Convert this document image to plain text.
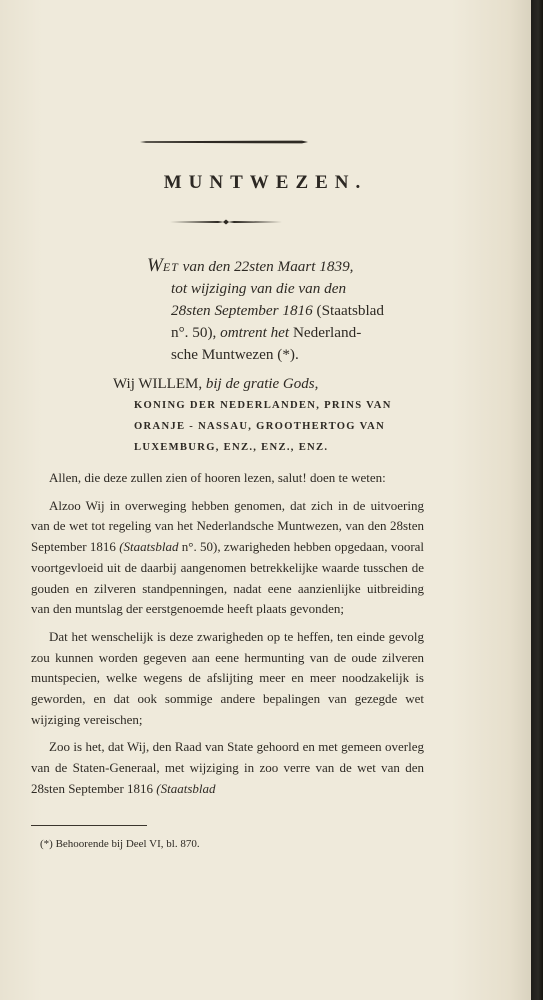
MUNTWEZEN.
WET van den 22sten Maart 1839,
tot wijziging van die van den
28sten September 1816 (Staatsblad
n°. 50), omtrent het Nederland-
sche Muntwezen (*).
Wij WILLEM, bij de gratie Gods,
KONING DER NEDERLANDEN, PRINS VAN
ORANJE - NASSAU, GROOTHERTOG VAN
LUXEMBURG, ENZ., ENZ., ENZ.

Allen, die deze zullen zien of hooren lezen, salut! doen te weten:

Alzoo Wij in overweging hebben genomen, dat zich in de uitvoering van de wet tot regeling van het Nederlandsche Muntwezen, van den 28sten September 1816 (Staatsblad n°. 50), zwarigheden hebben opgedaan, vooral voortgevloeid uit de daarbij aangenomen betrekkelijke waarde tusschen de gouden en zilveren standpenningen, nadat eene aanzienlijke uitbreiding van den muntslag der eerstgenoemde heeft plaats gevonden;

Dat het wenschelijk is deze zwarigheden op te heffen, ten einde gevolg zou kunnen worden gegeven aan eene hermunting van de oude zilveren muntspecien, welke wegens de afslijting meer en meer noodzakelijk is geworden, en dat ook sommige andere bepalingen van gezegde wet wijziging vereischen;

Zoo is het, dat Wij, den Raad van State gehoord en met gemeen overleg van de Staten-Generaal, met wijziging in zoo verre van de wet van den 28sten September 1816 (Staatsblad

(*) Behoorende bij Deel VI, bl. 870.
